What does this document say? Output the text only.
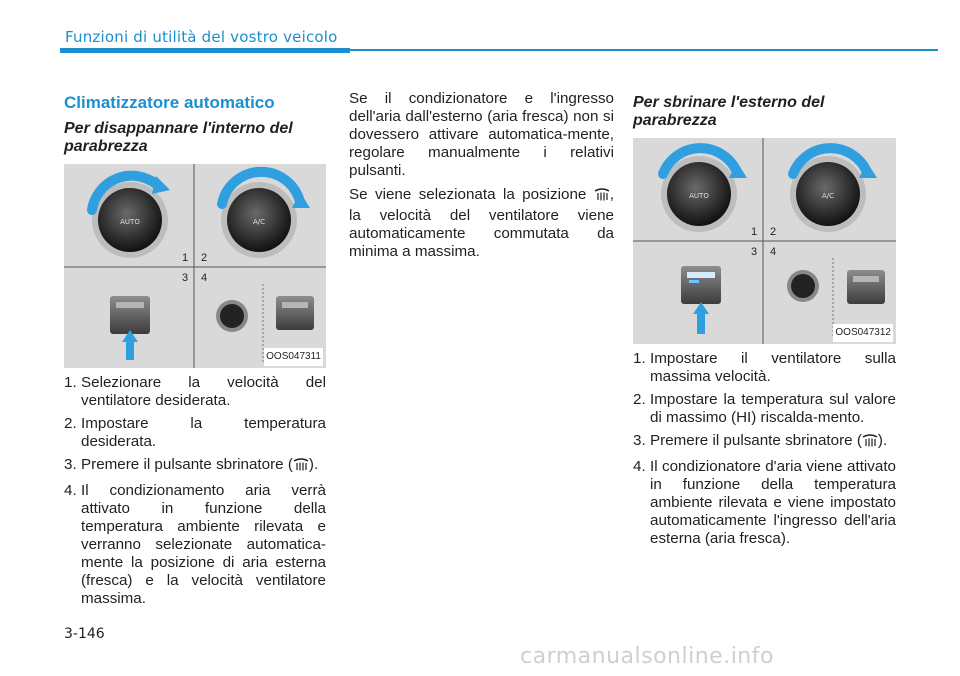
Funzioni di utilità del vostro veicolo
Climatizzatore automatico
Per disappannare l'interno del parabrezza
AUTO	A/C
1 2
3 4
OOS047311
1. Selezionare la velocità del ventilatore desiderata.
2. Impostare la temperatura desiderata.
3. Premere il pulsante sbrinatore ( ).
4. Il condizionamento aria verrà attivato in funzione della temperatura ambiente rilevata e verranno selezionate automatica-mente la posizione di aria esterna (fresca) e la velocità ventilatore massima.

Se il condizionatore e l'ingresso dell'aria dall'esterno (aria fresca) non si dovessero attivare automatica-mente, regolare manualmente i relativi pulsanti.

Se viene selezionata la posizione , la velocità del ventilatore viene automaticamente commutata da minima a massima.

Per sbrinare l'esterno del parabrezza
AUTO	A/C
1 2
3 4
OOS047312
1. Impostare il ventilatore sulla massima velocità.
2. Impostare la temperatura sul valore di massimo (HI) riscalda-mento.
3. Premere il pulsante sbrinatore ( ).
4. Il condizionatore d'aria viene attivato in funzione della temperatura ambiente rilevata e viene impostato automaticamente l'ingresso dell'aria esterna (aria fresca).
3-146
carmanualsonline.info
